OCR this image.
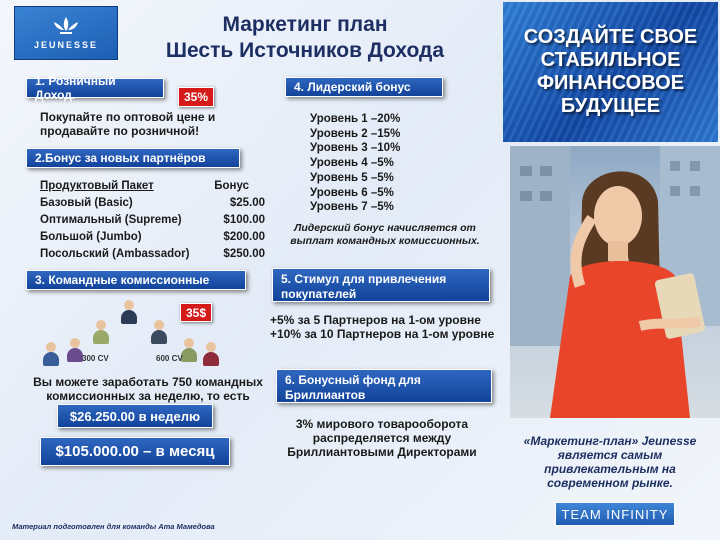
JEUNESSE
Маркетинг план
Шесть Источников Дохода
1. Розничный Доход.	35%
Покупайте по оптовой цене и
продавайте по розничной!
2.Бонус за новых партнёров
Продуктовый Пакет	Бонус
Базовый (Basic)	$25.00
Оптимальный (Supreme)	$100.00
Большой (Jumbo)	$200.00
Посольский (Ambassador)	$250.00
4. Лидерский бонус
Уровень 1 –20%
Уровень 2 –15%
Уровень 3 –10%
Уровень 4 –5%
Уровень 5 –5%
Уровень 6 –5%
Уровень 7 –5%
Лидерский бонус начисляется от
выплат командных комиссионных.
3. Командные комиссионные
35$
300 CV	600 CV
Вы можете заработать 750 командных
комиссионных за неделю, то есть
$26.250.00 в неделю
$105.000.00 – в месяц
5. Стимул для привлечения
покупателей
+5% за 5 Партнеров на 1-ом уровне
+10% за 10 Партнеров на 1-ом уровне
6. Бонусный фонд для
Бриллиантов
3% мирового товарооборота
распределяется между
Бриллиантовыми Директорами
СОЗДАЙТЕ СВОЕ
СТАБИЛЬНОЕ
ФИНАНСОВОЕ
БУДУЩЕЕ
«Маркетинг-план» Jeunesse
является самым
привлекательным на
современном рынке.
TEAM INFINITY
Материал подготовлен для команды Ата Мамедова
